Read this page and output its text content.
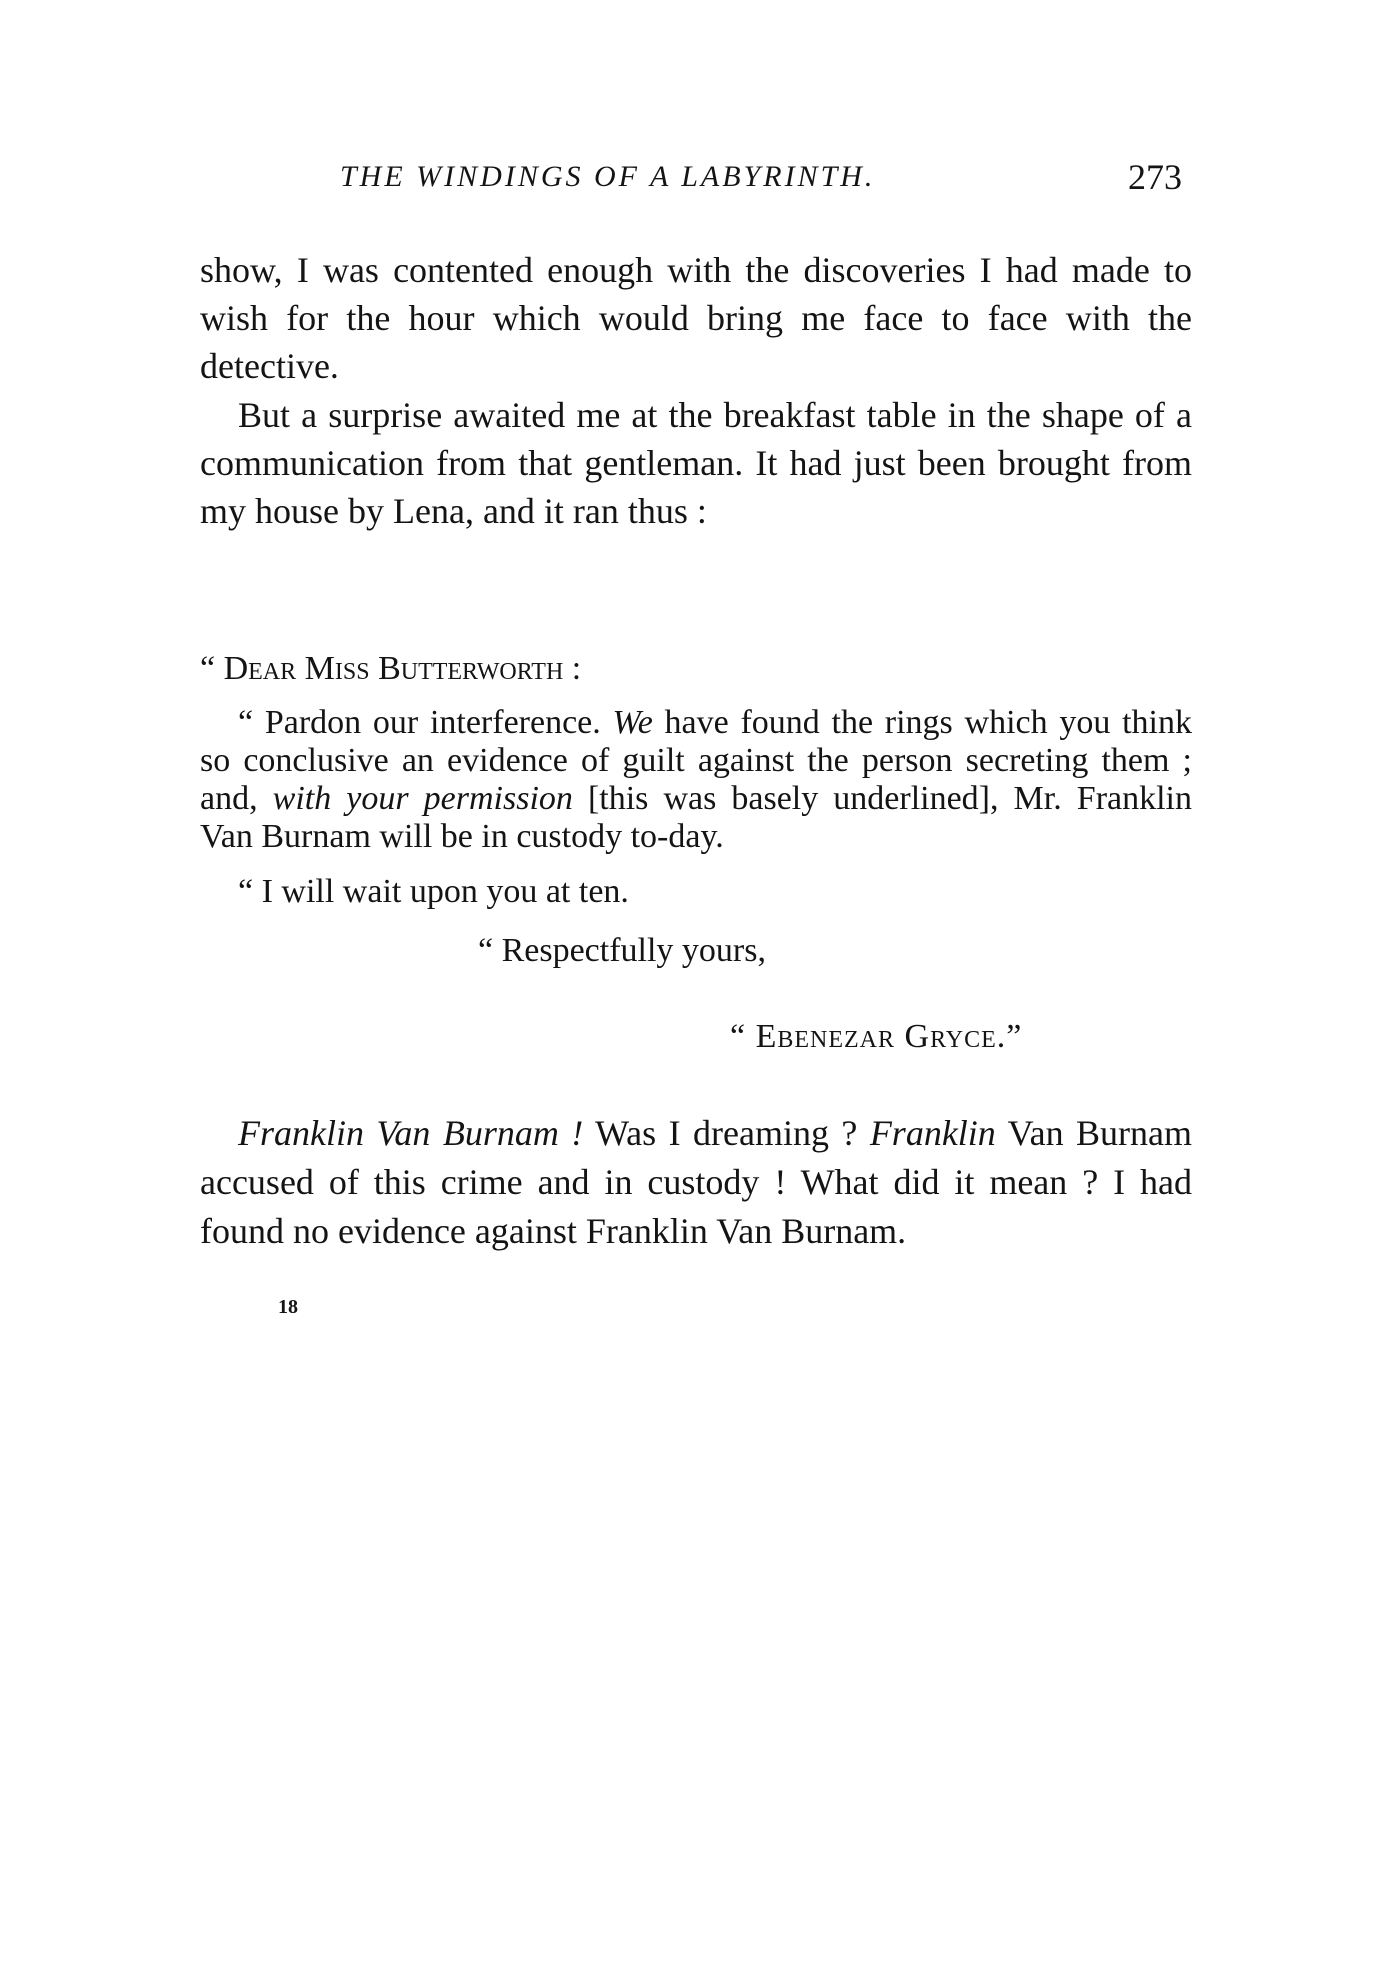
THE WINDINGS OF A LABYRINTH.	273

show, I was contented enough with the discoveries I had made to wish for the hour which would bring me face to face with the detective.

But a surprise awaited me at the breakfast table in the shape of a communication from that gentleman. It had just been brought from my house by Lena, and it ran thus :

“ Dear Miss Butterworth :

“ Pardon our interference. We have found the rings which you think so conclusive an evidence of guilt against the person secreting them ; and, with your permission [this was basely underlined], Mr. Franklin Van Burnam will be in custody to-day.

“ I will wait upon you at ten.

“ Respectfully yours,
“ Ebenezar Gryce.”

Franklin Van Burnam ! Was I dreaming ? Franklin Van Burnam accused of this crime and in custody ! What did it mean ? I had found no evidence against Franklin Van Burnam.

18
